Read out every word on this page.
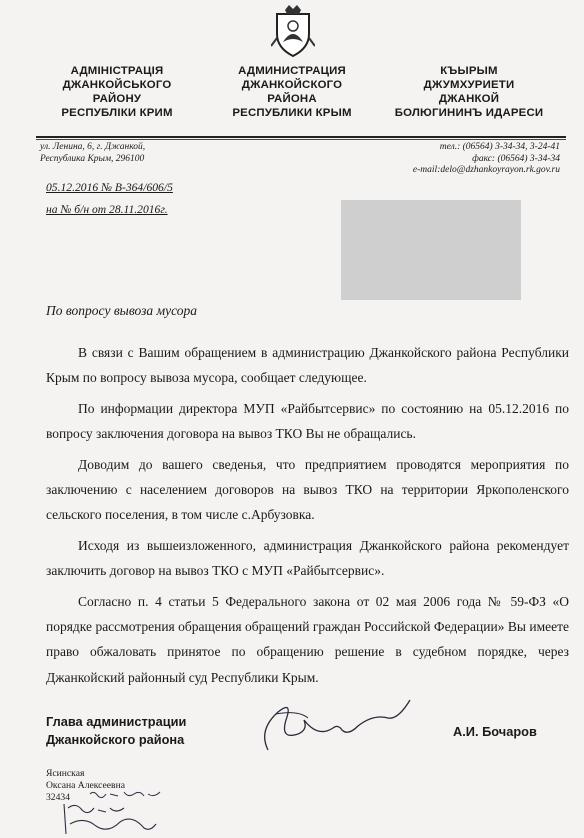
АДМІНІСТРАЦІЯ
ДЖАНКОЙСЬКОГО
РАЙОНУ
РЕСПУБЛІКИ КРИМ
АДМИНИСТРАЦИЯ
ДЖАНКОЙСКОГО
РАЙОНА
РЕСПУБЛИКИ КРЫМ
КЪЫРЫМ
ДЖУМХУРИЕТИ
ДЖАНКОЙ
БОЛЮГИНИНЪ ИДАРЕСИ
ул. Ленина, 6, г. Джанкой,
Республика Крым, 296100
тел.: (06564) 3-34-34, 3-24-41
факс: (06564) 3-34-34
e-mail:delo@dzhankoyrayon.rk.gov.ru
05.12.2016 № В-364/606/5
на № б/н от 28.11.2016г.
По вопросу вывоза мусора

В связи с Вашим обращением в администрацию Джанкойского района Республики Крым по вопросу вывоза мусора, сообщает следующее.

По информации директора МУП «Райбытсервис» по состоянию на 05.12.2016 по вопросу заключения договора на вывоз ТКО Вы не обращались.

Доводим до вашего сведенья, что предприятием проводятся мероприятия по заключению с населением договоров на вывоз ТКО на территории Яркополенского сельского поселения, в том числе с.Арбузовка.

Исходя из вышеизложенного, администрация Джанкойского района рекомендует заключить договор на вывоз ТКО с МУП «Райбытсервис».

Согласно п. 4 статьи 5 Федерального закона от 02 мая 2006 года № 59-ФЗ «О порядке рассмотрения обращения обращений граждан Российской Федерации» Вы имеете право обжаловать принятое по обращению решение в судебном порядке, через Джанкойский районный суд Республики Крым.

Глава администрации
Джанкойского района
А.И. Бочаров
Ясинская
Оксана Алексеевна
32434
